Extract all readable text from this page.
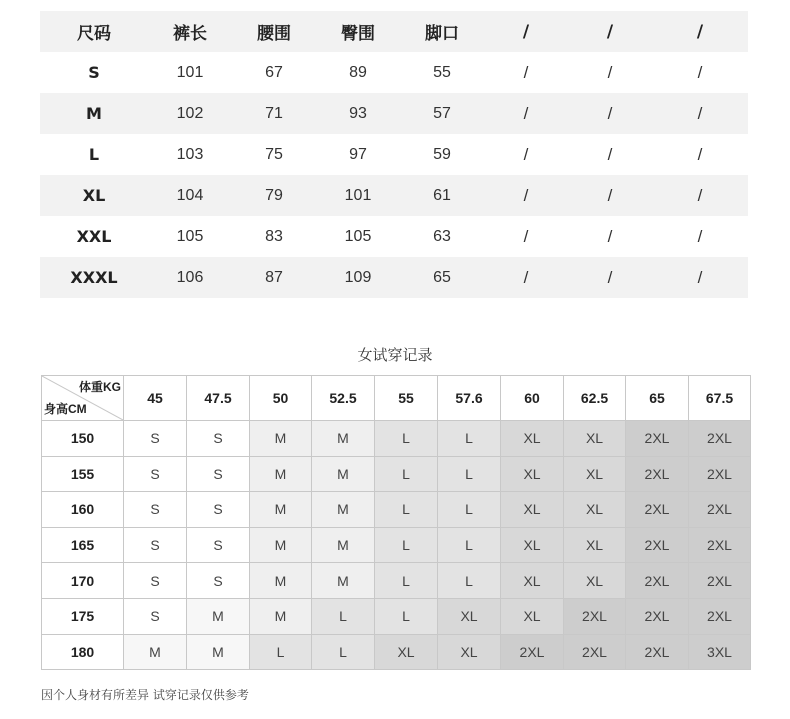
尺码	裤长	腰围	臀围	脚口	/	/	/
S	101	67	89	55	/	/	/
M	102	71	93	57	/	/	/
L	103	75	97	59	/	/	/
XL	104	79	101	61	/	/	/
XXL	105	83	105	63	/	/	/
XXXL	106	87	109	65	/	/	/
女试穿记录
体重KG
身高CM	45	47.5	50	52.5	55	57.6	60	62.5	65	67.5
150	S	S	M	M	L	L	XL	XL	2XL	2XL
155	S	S	M	M	L	L	XL	XL	2XL	2XL
160	S	S	M	M	L	L	XL	XL	2XL	2XL
165	S	S	M	M	L	L	XL	XL	2XL	2XL
170	S	S	M	M	L	L	XL	XL	2XL	2XL
175	S	M	M	L	L	XL	XL	2XL	2XL	2XL
180	M	M	L	L	XL	XL	2XL	2XL	2XL	3XL
因个人身材有所差异 试穿记录仅供参考
